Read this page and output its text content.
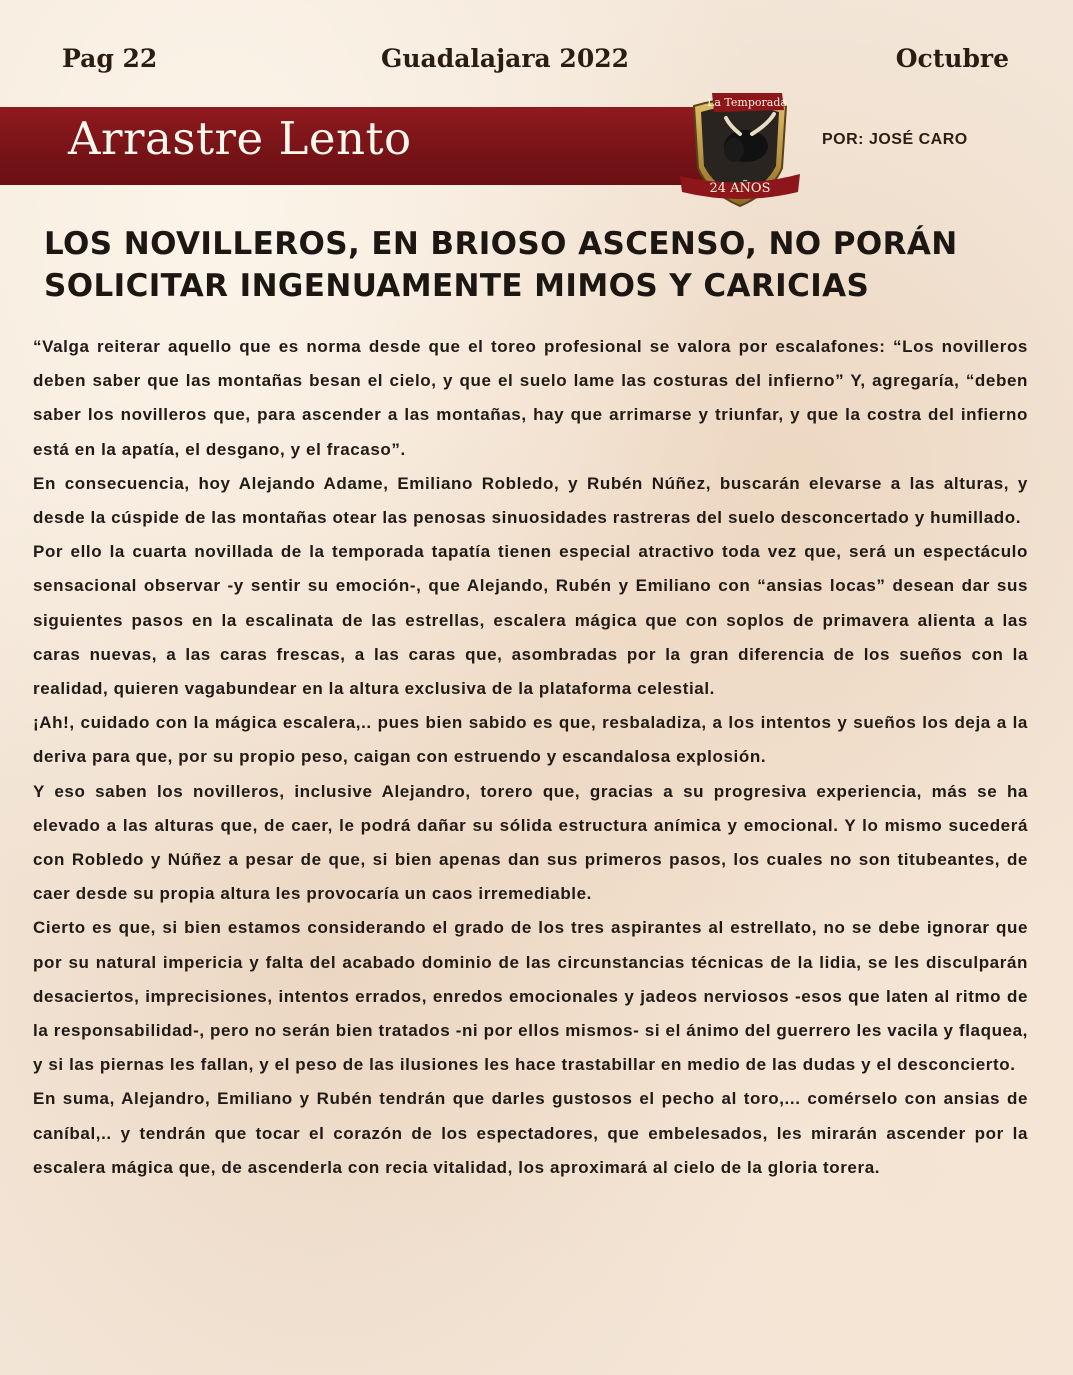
Pag 22	Guadalajara 2022	Octubre
Arrastre Lento
La Temporada
24 AÑOS
POR: JOSÉ CARO
LOS NOVILLEROS, EN BRIOSO ASCENSO, NO PORÁN SOLICITAR INGENUAMENTE MIMOS Y CARICIAS

“Valga reiterar aquello que es norma desde que el toreo profesional se valora por escalafones: “Los novilleros deben saber que las montañas besan el cielo, y que el suelo lame las costuras del infierno” Y, agregaría, “deben saber los novilleros que, para ascender a las montañas, hay que arrimarse y triunfar, y que la costra del infierno está en la apatía, el desgano, y el fracaso”.

En consecuencia, hoy Alejando Adame, Emiliano Robledo, y Rubén Núñez, buscarán elevarse a las alturas, y desde la cúspide de las montañas otear las penosas sinuosidades rastreras del suelo desconcertado y humillado.

Por ello la cuarta novillada de la temporada tapatía tienen especial atractivo toda vez que, será un espectáculo sensacional observar -y sentir su emoción-, que Alejando, Rubén y Emiliano con “ansias locas” desean dar sus siguientes pasos en la escalinata de las estrellas, escalera mágica que con soplos de primavera alienta a las caras nuevas, a las caras frescas, a las caras que, asombradas por la gran diferencia de los sueños con la realidad, quieren vagabundear en la altura exclusiva de la plataforma celestial.

¡Ah!, cuidado con la mágica escalera,.. pues bien sabido es que, resbaladiza, a los intentos y sueños los deja a la deriva para que, por su propio peso, caigan con estruendo y escandalosa explosión.

Y eso saben los novilleros, inclusive Alejandro, torero que, gracias a su progresiva experiencia, más se ha elevado a las alturas que, de caer, le podrá dañar su sólida estructura anímica y emocional. Y lo mismo sucederá con Robledo y Núñez a pesar de que, si bien apenas dan sus primeros pasos, los cuales no son titubeantes, de caer desde su propia altura les provocaría un caos irremediable.

Cierto es que, si bien estamos considerando el grado de los tres aspirantes al estrellato, no se debe ignorar que por su natural impericia y falta del acabado dominio de las circunstancias técnicas de la lidia, se les disculparán desaciertos, imprecisiones, intentos errados, enredos emocionales y jadeos nerviosos -esos que laten al ritmo de la responsabilidad-, pero no serán bien tratados -ni por ellos mismos- si el ánimo del guerrero les vacila y flaquea, y si las piernas les fallan, y el peso de las ilusiones les hace trastabillar en medio de las dudas y el desconcierto.

En suma, Alejandro, Emiliano y Rubén tendrán que darles gustosos el pecho al toro,... comérselo con ansias de caníbal,.. y tendrán que tocar el corazón de los espectadores, que embelesados, les mirarán ascender por la escalera mágica que, de ascenderla con recia vitalidad, los aproximará al cielo de la gloria torera.
